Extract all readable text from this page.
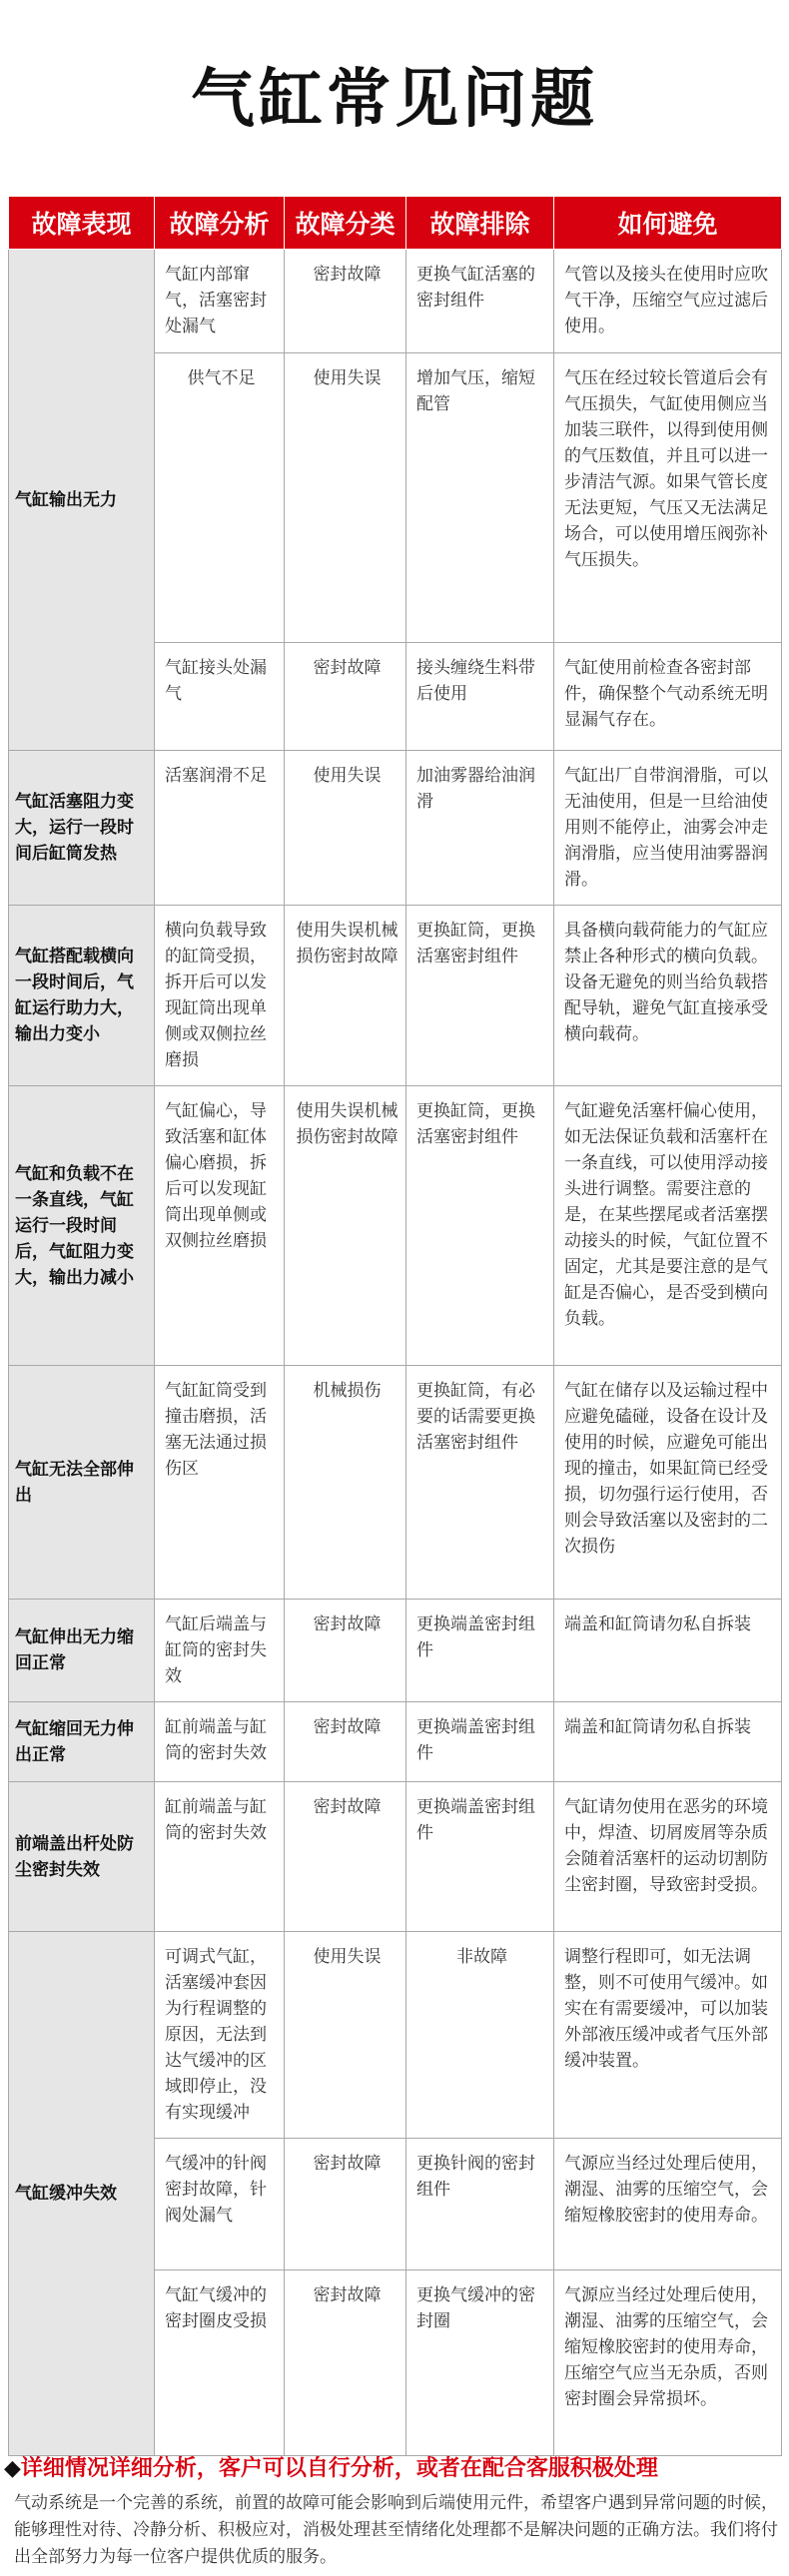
气缸常见问题
故障表现	故障分析	故障分类	故障排除	如何避免
气缸输出无力	气缸内部窜气，活塞密封处漏气	密封故障	更换气缸活塞的密封组件	气管以及接头在使用时应吹气干净，压缩空气应过滤后使用。
	供气不足	使用失误	增加气压，缩短配管	气压在经过较长管道后会有气压损失，气缸使用侧应当加装三联件，以得到使用侧的气压数值，并且可以进一步清洁气源。如果气管长度无法更短，气压又无法满足场合，可以使用增压阀弥补气压损失。
	气缸接头处漏气	密封故障	接头缠绕生料带后使用	气缸使用前检查各密封部件，确保整个气动系统无明显漏气存在。
气缸活塞阻力变大，运行一段时间后缸筒发热	活塞润滑不足	使用失误	加油雾器给油润滑	气缸出厂自带润滑脂，可以无油使用，但是一旦给油使用则不能停止，油雾会冲走润滑脂，应当使用油雾器润滑。
气缸搭配载横向一段时间后，气缸运行助力大，输出力变小	横向负载导致的缸筒受损，拆开后可以发现缸筒出现单侧或双侧拉丝磨损	使用失误机械损伤密封故障	更换缸筒，更换活塞密封组件	具备横向载荷能力的气缸应禁止各种形式的横向负载。设备无避免的则当给负载搭配导轨，避免气缸直接承受横向载荷。
气缸和负载不在一条直线，气缸运行一段时间后，气缸阻力变大，输出力减小	气缸偏心，导致活塞和缸体偏心磨损，拆后可以发现缸筒出现单侧或双侧拉丝磨损	使用失误机械损伤密封故障	更换缸筒，更换活塞密封组件	气缸避免活塞杆偏心使用，如无法保证负载和活塞杆在一条直线，可以使用浮动接头进行调整。需要注意的是，在某些摆尾或者活塞摆动接头的时候，气缸位置不固定，尤其是要注意的是气缸是否偏心，是否受到横向负载。
气缸无法全部伸出	气缸缸筒受到撞击磨损，活塞无法通过损伤区	机械损伤	更换缸筒，有必要的话需要更换活塞密封组件	气缸在储存以及运输过程中应避免磕碰，设备在设计及使用的时候，应避免可能出现的撞击，如果缸筒已经受损，切勿强行运行使用，否则会导致活塞以及密封的二次损伤
气缸伸出无力缩回正常	气缸后端盖与缸筒的密封失效	密封故障	更换端盖密封组件	端盖和缸筒请勿私自拆装
气缸缩回无力伸出正常	缸前端盖与缸筒的密封失效	密封故障	更换端盖密封组件	端盖和缸筒请勿私自拆装
前端盖出杆处防尘密封失效	缸前端盖与缸筒的密封失效	密封故障	更换端盖密封组件	气缸请勿使用在恶劣的环境中，焊渣、切屑废屑等杂质会随着活塞杆的运动切割防尘密封圈，导致密封受损。
气缸缓冲失效	可调式气缸，活塞缓冲套因为行程调整的原因，无法到达气缓冲的区域即停止，没有实现缓冲	使用失误	非故障	调整行程即可，如无法调整，则不可使用气缓冲。如实在有需要缓冲，可以加装外部液压缓冲或者气压外部缓冲装置。
	气缓冲的针阀密封故障，针阀处漏气	密封故障	更换针阀的密封组件	气源应当经过处理后使用，潮湿、油雾的压缩空气，会缩短橡胶密封的使用寿命。
	气缸气缓冲的密封圈皮受损	密封故障	更换气缓冲的密封圈	气源应当经过处理后使用，潮湿、油雾的压缩空气，会缩短橡胶密封的使用寿命，压缩空气应当无杂质，否则密封圈会异常损坏。
◆详细情况详细分析，客户可以自行分析，或者在配合客服积极处理
气动系统是一个完善的系统，前置的故障可能会影响到后端使用元件，希望客户遇到异常问题的时候，能够理性对待、冷静分析、积极应对，消极处理甚至情绪化处理都不是解决问题的正确方法。我们将付出全部努力为每一位客户提供优质的服务。
